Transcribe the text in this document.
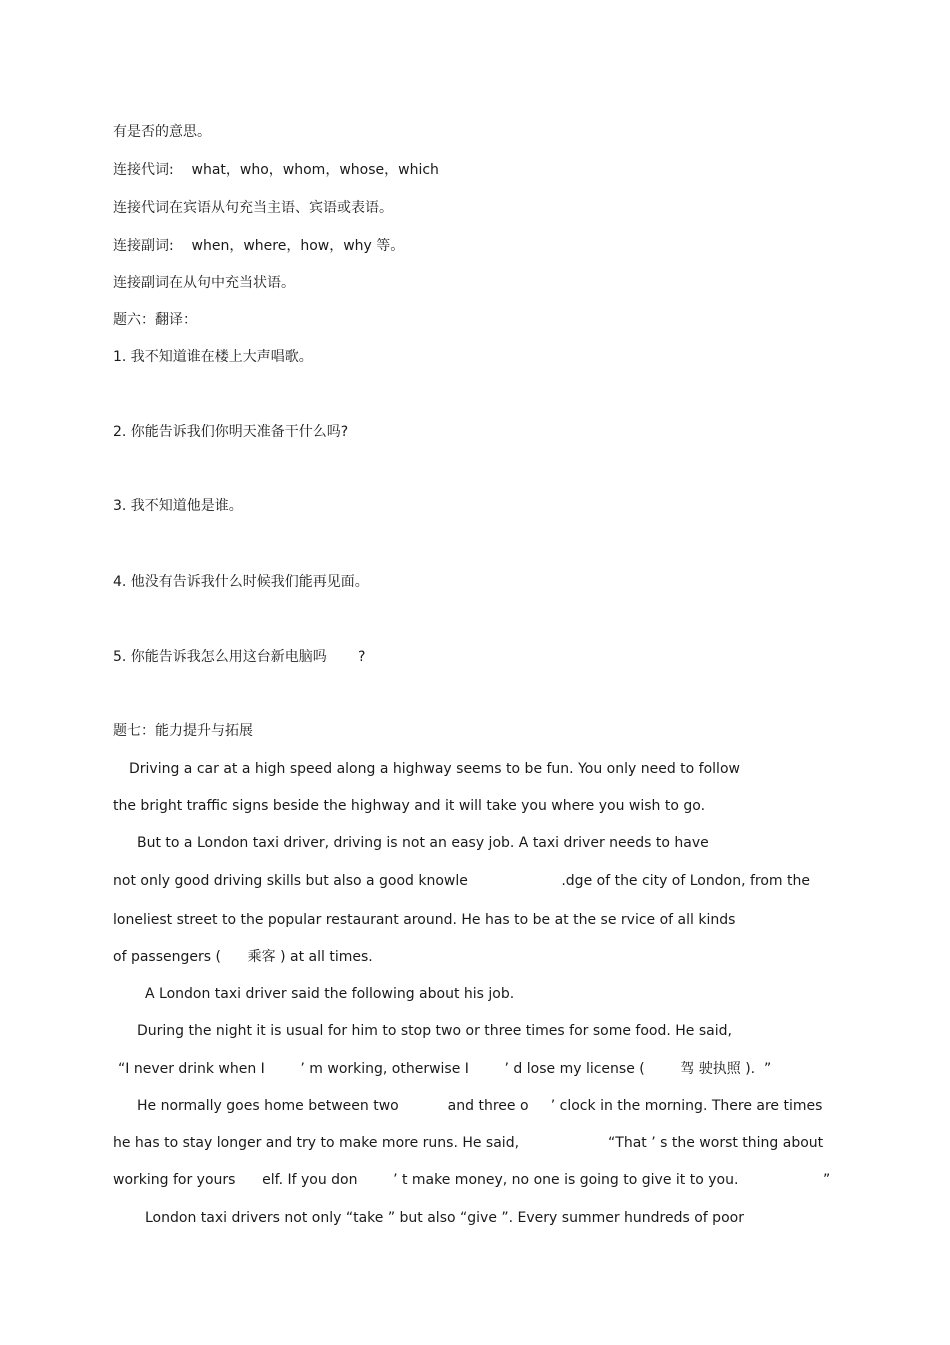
有是否的意思。
连接代词:    what，who，whom，whose，which
连接代词在宾语从句充当主语、宾语或表语。
连接副词:    when，where，how，why 等。
连接副词在从句中充当状语。
题六：翻译：
1. 我不知道谁在楼上大声唱歌。
2. 你能告诉我们你明天准备干什么吗?
3. 我不知道他是谁。
4. 他没有告诉我什么时候我们能再见面。
5. 你能告诉我怎么用这台新电脑吗       ?
题七：能力提升与拓展
Driving a car at a high speed along a highway seems to be fun. You only need to follow
the bright traffic signs beside the highway and it will take you where you wish to go.
But to a London taxi driver, driving is not an easy job. A taxi driver needs to have
not only good driving skills but also a good knowle                     .dge of the city of London, from the
loneliest street to the popular restaurant around. He has to be at the se rvice of all kinds
of passengers (      乘客 ) at all times.
A London taxi driver said the following about his job.
During the night it is usual for him to stop two or three times for some food. He said,
“I never drink when I        ’ m working, otherwise I        ’ d lose my license (        驾 驶执照 ).  ”
He normally goes home between two           and three o     ’ clock in the morning. There are times
he has to stay longer and try to make more runs. He said,                    “That ’ s the worst thing about
working for yours      elf. If you don        ’ t make money, no one is going to give it to you.                   ”
London taxi drivers not only “take ” but also “give ”. Every summer hundreds of poor
